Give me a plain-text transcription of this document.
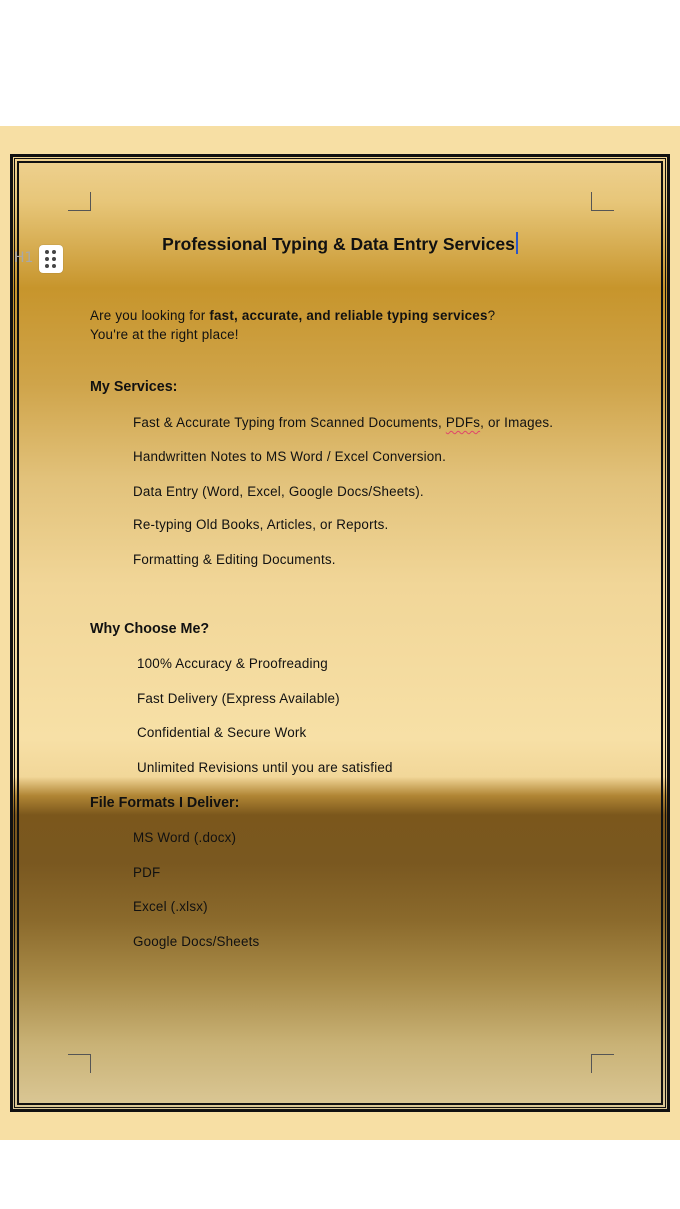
H1
Professional Typing & Data Entry Services
Are you looking for fast, accurate, and reliable typing services?
You're at the right place!
My Services:
Fast & Accurate Typing from Scanned Documents, PDFs, or Images.
Handwritten Notes to MS Word / Excel Conversion.
Data Entry (Word, Excel, Google Docs/Sheets).
Re-typing Old Books, Articles, or Reports.
Formatting & Editing Documents.
Why Choose Me?
100% Accuracy & Proofreading
Fast Delivery (Express Available)
Confidential & Secure Work
Unlimited Revisions until you are satisfied
File Formats I Deliver:
MS Word (.docx)
PDF
Excel (.xlsx)
Google Docs/Sheets
